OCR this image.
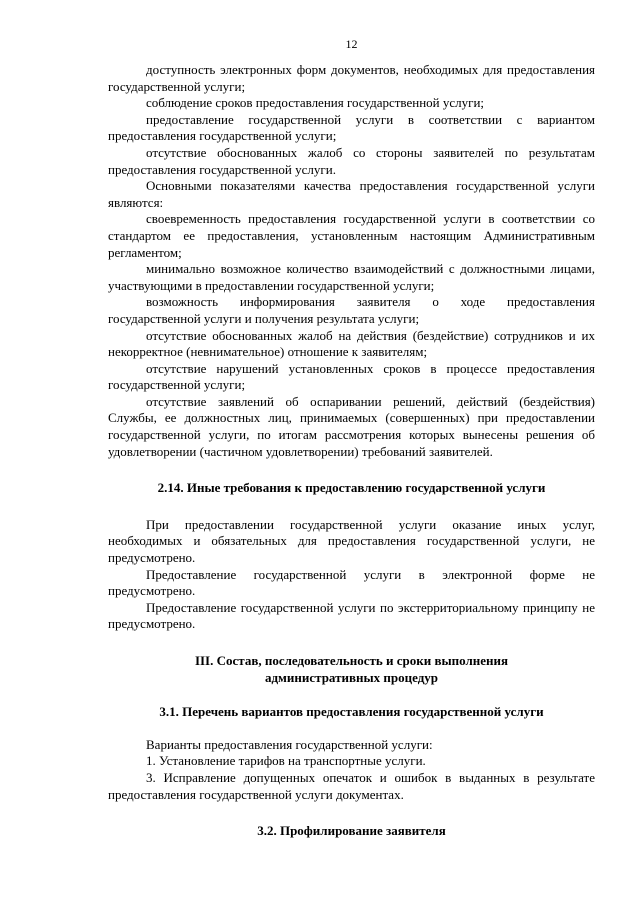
12

доступность электронных форм документов, необходимых для предоставления государственной услуги;

соблюдение сроков предоставления государственной услуги;

предоставление государственной услуги в соответствии с вариантом предоставления государственной услуги;

отсутствие обоснованных жалоб со стороны заявителей по результатам предоставления государственной услуги.

Основными показателями качества предоставления государственной услуги являются:

своевременность предоставления государственной услуги в соответствии со стандартом ее предоставления, установленным настоящим Административным регламентом;

минимально возможное количество взаимодействий с должностными лицами, участвующими в предоставлении государственной услуги;

возможность информирования заявителя о ходе предоставления государственной услуги и получения результата услуги;

отсутствие обоснованных жалоб на действия (бездействие) сотрудников и их некорректное (невнимательное) отношение к заявителям;

отсутствие нарушений установленных сроков в процессе предоставления государственной услуги;

отсутствие заявлений об оспаривании решений, действий (бездействия) Службы, ее должностных лиц, принимаемых (совершенных) при предоставлении государственной услуги, по итогам рассмотрения которых вынесены решения об удовлетворении (частичном удовлетворении) требований заявителей.

2.14. Иные требования к предоставлению государственной услуги

При предоставлении государственной услуги оказание иных услуг, необходимых и обязательных для предоставления государственной услуги, не предусмотрено.

Предоставление государственной услуги в электронной форме не предусмотрено.

Предоставление государственной услуги по экстерриториальному принципу не предусмотрено.

III. Состав, последовательность и сроки выполнения

административных процедур

3.1. Перечень вариантов предоставления государственной услуги

Варианты предоставления государственной услуги:

1. Установление тарифов на транспортные услуги.

3. Исправление допущенных опечаток и ошибок в выданных в результате предоставления государственной услуги документах.

3.2. Профилирование заявителя
